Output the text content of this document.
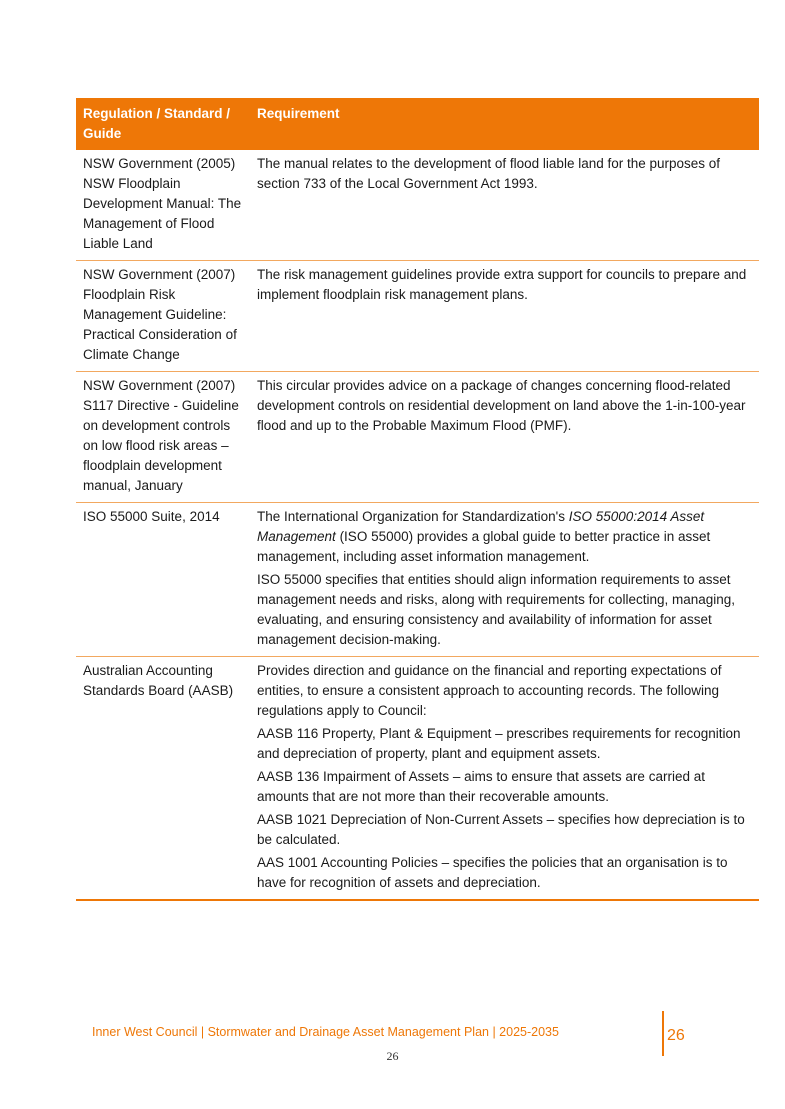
Regulation / Standard / Guide	Requirement
NSW Government (2005) NSW Floodplain Development Manual: The Management of Flood Liable Land	The manual relates to the development of flood liable land for the purposes of section 733 of the Local Government Act 1993.

NSW Government (2007) Floodplain Risk Management Guideline: Practical Consideration of Climate Change	The risk management guidelines provide extra support for councils to prepare and implement floodplain risk management plans.

NSW Government (2007) S117 Directive - Guideline on development controls on low flood risk areas – floodplain development manual, January	This circular provides advice on a package of changes concerning flood-related development controls on residential development on land above the 1-in-100-year flood and up to the Probable Maximum Flood (PMF).

ISO 55000 Suite, 2014	The International Organization for Standardization's ISO 55000:2014 Asset Management (ISO 55000) provides a global guide to better practice in asset management, including asset information management.

ISO 55000 specifies that entities should align information requirements to asset management needs and risks, along with requirements for collecting, managing, evaluating, and ensuring consistency and availability of information for asset management decision-making.

Australian Accounting Standards Board (AASB)	Provides direction and guidance on the financial and reporting expectations of entities, to ensure a consistent approach to accounting records. The following regulations apply to Council:

AASB 116 Property, Plant & Equipment – prescribes requirements for recognition and depreciation of property, plant and equipment assets.

AASB 136 Impairment of Assets – aims to ensure that assets are carried at amounts that are not more than their recoverable amounts.

AASB 1021 Depreciation of Non-Current Assets – specifies how depreciation is to be calculated.

AAS 1001 Accounting Policies – specifies the policies that an organisation is to have for recognition of assets and depreciation.

Inner West Council | Stormwater and Drainage Asset Management Plan | 2025-2035	26
26
